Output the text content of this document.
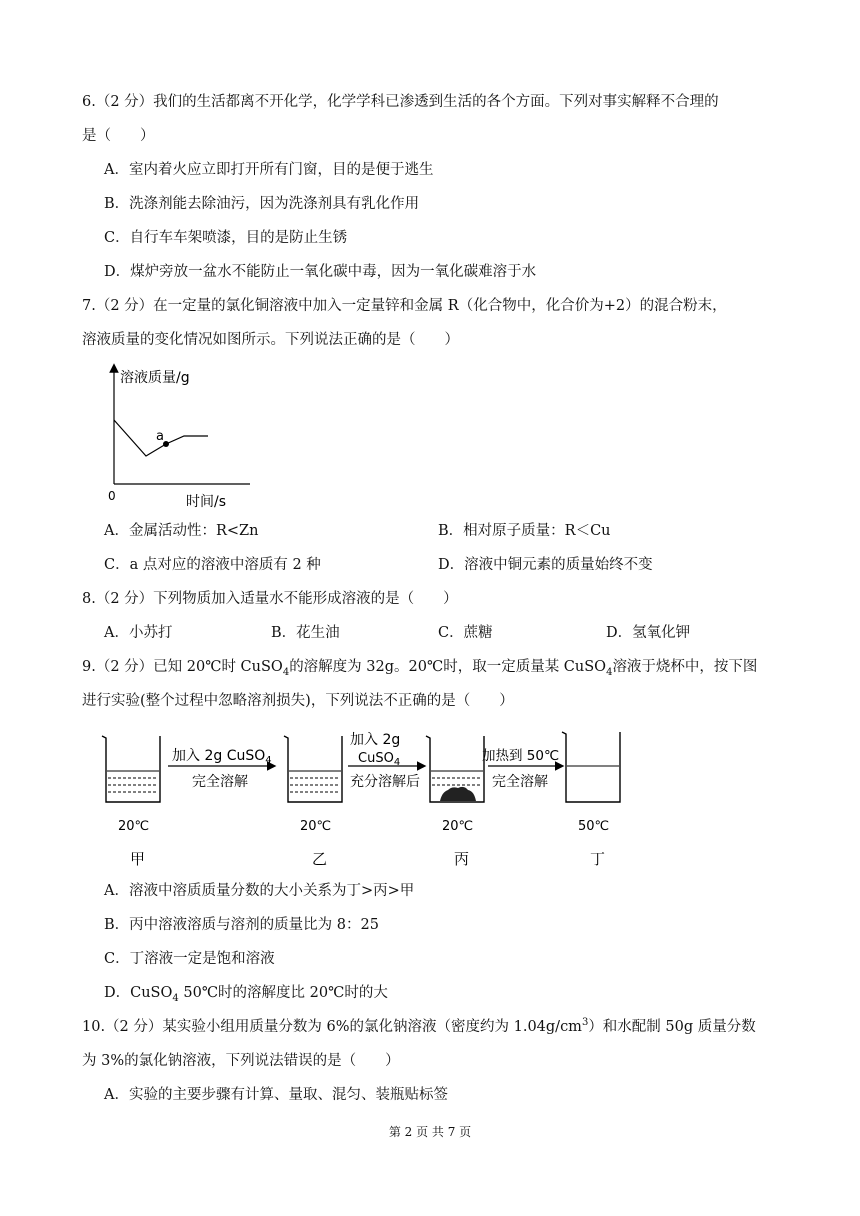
6.（2 分）我们的生活都离不开化学，化学学科已渗透到生活的各个方面。下列对事实解释不合理的
是（　　）
A．室内着火应立即打开所有门窗，目的是便于逃生
B．洗涤剂能去除油污，因为洗涤剂具有乳化作用
C．自行车车架喷漆，目的是防止生锈
D．煤炉旁放一盆水不能防止一氧化碳中毒，因为一氧化碳难溶于水
7.（2 分）在一定量的氯化铜溶液中加入一定量锌和金属 R（化合物中，化合价为+2）的混合粉末，
溶液质量的变化情况如图所示。下列说法正确的是（　　）
a
溶液质量/g
0	时间/s
A．金属活动性：R<Zn	B．相对原子质量：R＜Cu
C．a 点对应的溶液中溶质有 2 种	D．溶液中铜元素的质量始终不变
8.（2 分）下列物质加入适量水不能形成溶液的是（　　）
A．小苏打	B．花生油	C．蔗糖	D．氢氧化钾
9.（2 分）已知 20℃时 CuSO$_4$的溶解度为 32g。20℃时，取一定质量某 CuSO$_4$溶液于烧杯中，按下图
进行实验(整个过程中忽略溶剂损失)，下列说法不正确的是（　　）
加入 2g CuSO$_4$
完全溶解
加入 2g
CuSO$_4$
充分溶解后
加热到 50℃
完全溶解
20℃	20℃	20℃	50℃
甲	乙	丙	丁
A．溶液中溶质质量分数的大小关系为丁>丙>甲
B．丙中溶液溶质与溶剂的质量比为 8：25
C．丁溶液一定是饱和溶液
D．CuSO$_4$ 50℃时的溶解度比 20℃时的大
10.（2 分）某实验小组用质量分数为 6%的氯化钠溶液（密度约为 $1.04g/cm^3$）和水配制 50g 质量分数
为 3%的氯化钠溶液，下列说法错误的是（　　）
A．实验的主要步骤有计算、量取、混匀、装瓶贴标签
第 2 页 共 7 页
